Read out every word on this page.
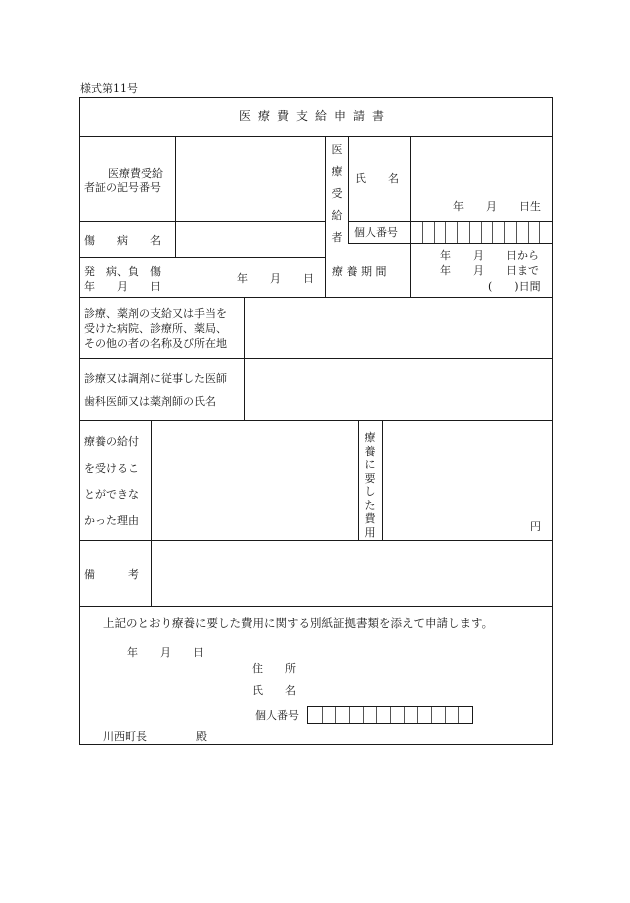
様式第11号
医療費支給申請書
医療費受給
者証の記号番号
医
療
受
給
者
氏　　名
年　　月　　日生
個人番号
傷　　病　　名
発　病、負　傷
年　　月　　日
年　　月　　日
療 養 期 間
年　　月　　日から
年　　月　　日まで
(　　)日間
診療、薬剤の支給又は手当を
受けた病院、診療所、薬局、
その他の者の名称及び所在地
診療又は調剤に従事した医師
歯科医師又は薬剤師の氏名
療養の給付
を受けるこ
とができな
かった理由
療
養
に
要
し
た
費
用	円
備　　　考
上記のとおり療養に要した費用に関する別紙証拠書類を添えて申請します。
年　　月　　日
住　　所
氏　　名
個人番号
川西町長	殿
